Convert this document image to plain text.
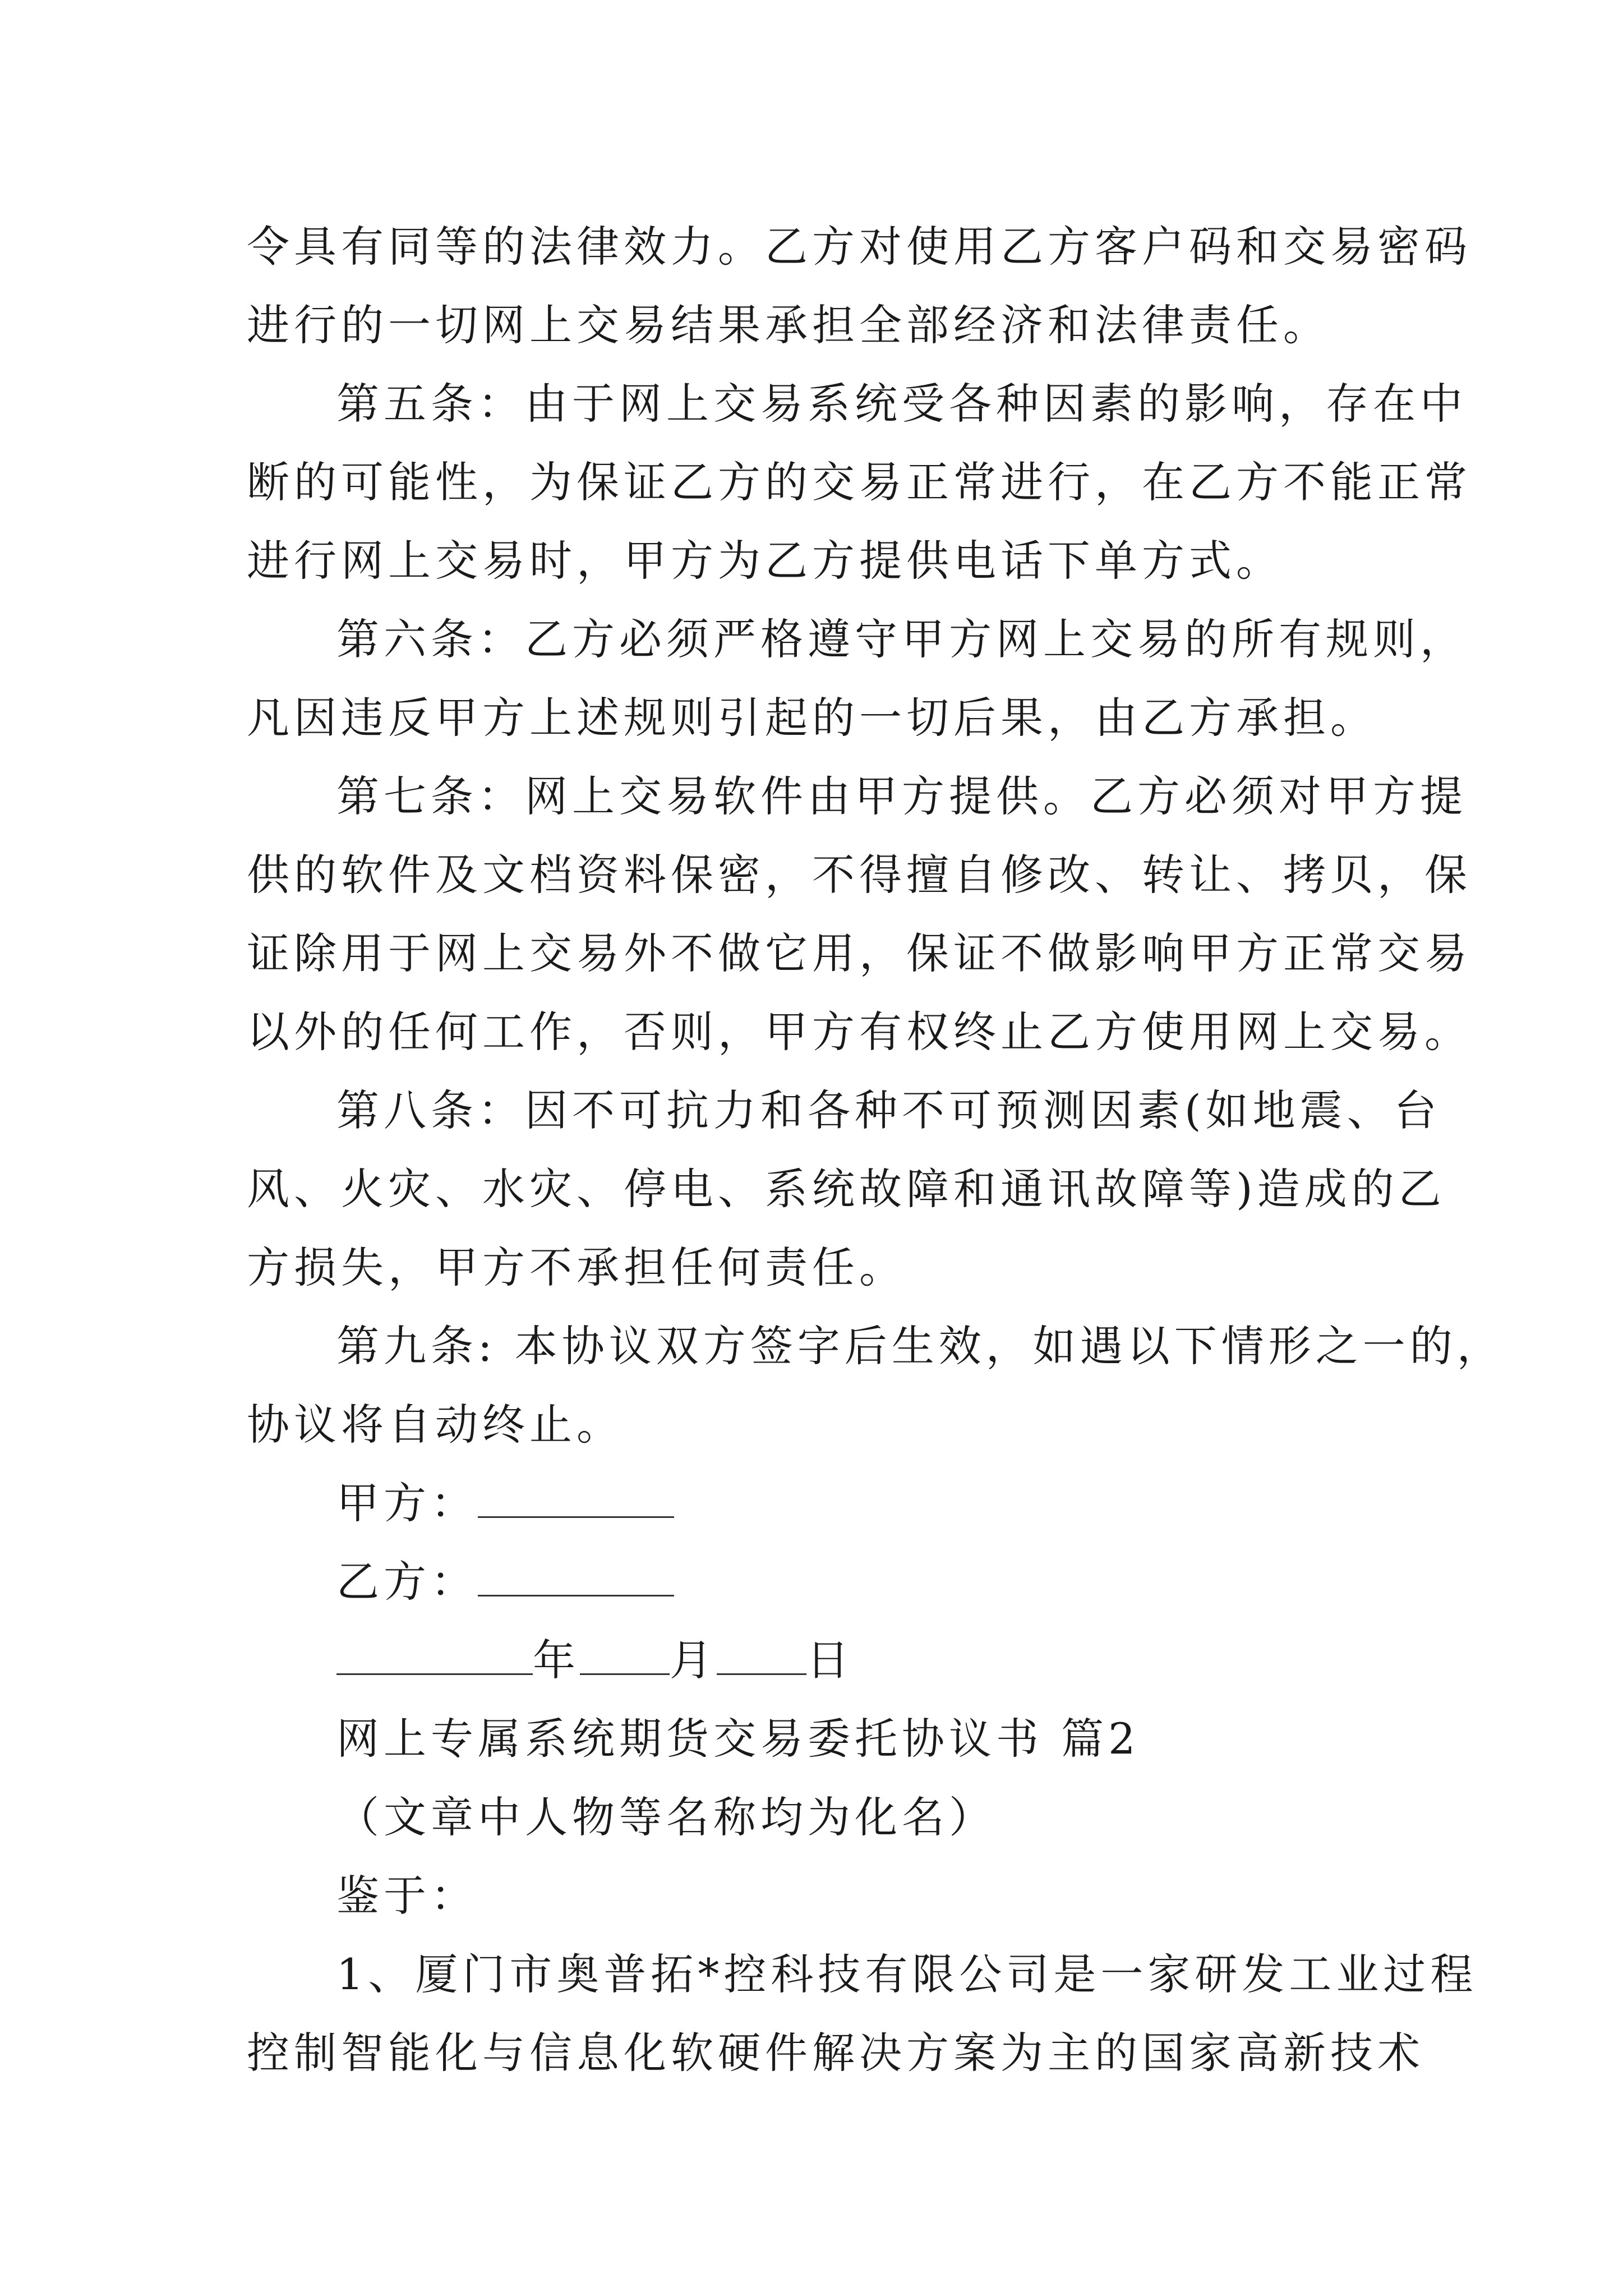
令具有同等的法律效力。乙方对使用乙方客户码和交易密码
进行的一切网上交易结果承担全部经济和法律责任。
第五条：由于网上交易系统受各种因素的影响，存在中
断的可能性，为保证乙方的交易正常进行，在乙方不能正常
进行网上交易时，甲方为乙方提供电话下单方式。
第六条：乙方必须严格遵守甲方网上交易的所有规则，
凡因违反甲方上述规则引起的一切后果，由乙方承担。
第七条：网上交易软件由甲方提供。乙方必须对甲方提
供的软件及文档资料保密，不得擅自修改、转让、拷贝，保
证除用于网上交易外不做它用，保证不做影响甲方正常交易
以外的任何工作，否则，甲方有权终止乙方使用网上交易。
第八条：因不可抗力和各种不可预测因素(如地震、台
风、火灾、水灾、停电、系统故障和通讯故障等)造成的乙
方损失，甲方不承担任何责任。
第九条: 本协议双方签字后生效，如遇以下情形之一的，
协议将自动终止。
甲方：
乙方：
年 月 日
网上专属系统期货交易委托协议书 篇2
（文章中人物等名称均为化名）
鉴于：
1、厦门市奥普拓*控科技有限公司是一家研发工业过程
控制智能化与信息化软硬件解决方案为主的国家高新技术
